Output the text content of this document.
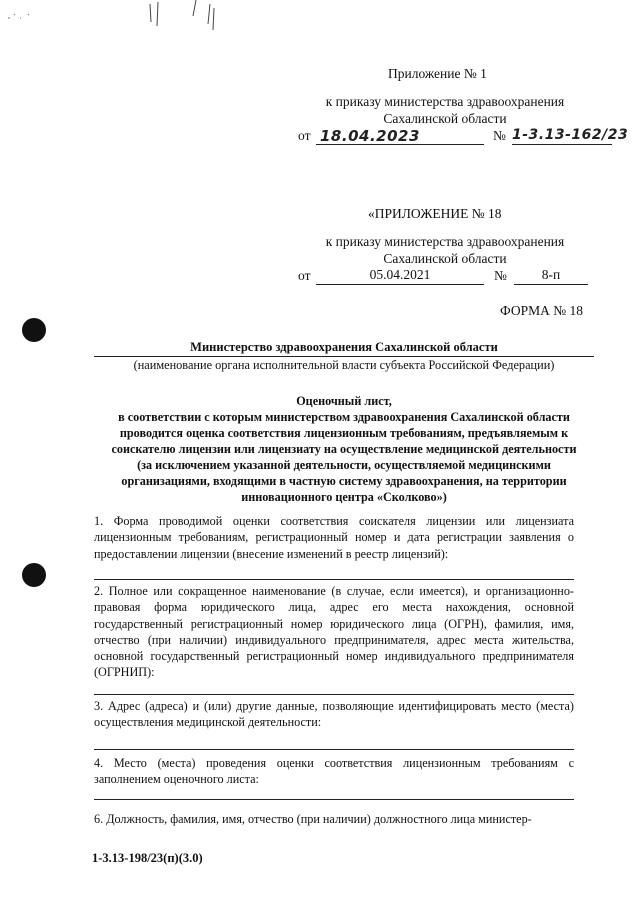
Приложение № 1
к приказу министерства здравоохранения
Сахалинской области
от 18.04.2023	№ 1-3.13-162/23
«ПРИЛОЖЕНИЕ № 18
к приказу министерства здравоохранения
Сахалинской области
от	05.04.2021	№	8-п
ФОРМА № 18
Министерство здравоохранения Сахалинской области
(наименование органа исполнительной власти субъекта Российской Федерации)
Оценочный лист,
в соответствии с которым министерством здравоохранения Сахалинской области
проводится оценка соответствия лицензионным требованиям, предъявляемым к
соискателю лицензии или лицензиату на осуществление медицинской деятельности
(за исключением указанной деятельности, осуществляемой медицинскими
организациями, входящими в частную систему здравоохранения, на территории
инновационного центра «Сколково»)
1. Форма проводимой оценки соответствия соискателя лицензии или лицензиата лицензионным требованиям, регистрационный номер и дата регистрации заявления о предоставлении лицензии (внесение изменений в реестр лицензий):
2. Полное или сокращенное наименование (в случае, если имеется), и организационно-правовая форма юридического лица, адрес его места нахождения, основной государственный регистрационный номер юридического лица (ОГРН), фамилия, имя, отчество (при наличии) индивидуального предпринимателя, адрес места жительства, основной государственный регистрационный номер индивидуального предпринимателя (ОГРНИП):
3. Адрес (адреса) и (или) другие данные, позволяющие идентифицировать место (места) осуществления медицинской деятельности:
4. Место (места) проведения оценки соответствия лицензионным требованиям с заполнением оценочного листа:
6. Должность, фамилия, имя, отчество (при наличии) должностного лица министер-
1-3.13-198/23(п)(3.0)
